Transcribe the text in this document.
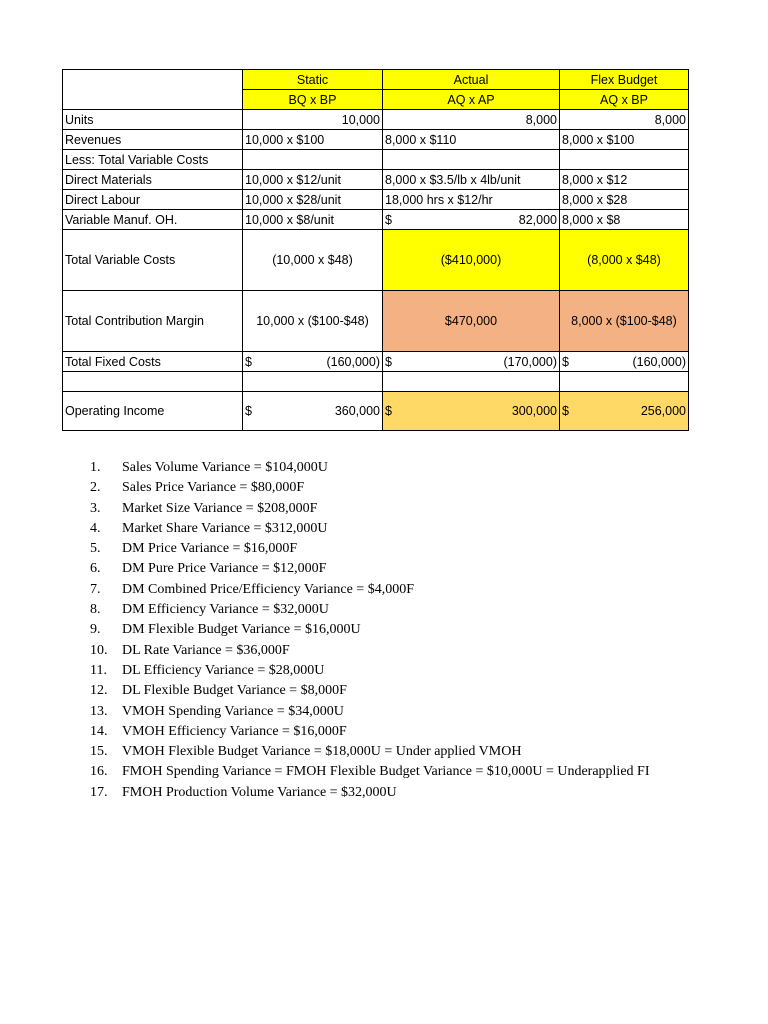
	Static	Actual	Flex Budget
	BQ x BP	AQ x AP	AQ x BP
Units	10,000	8,000	8,000
Revenues	10,000 x $100	8,000 x $110	8,000 x $100
Less: Total Variable Costs			
Direct Materials	10,000 x $12/unit	8,000 x $3.5/lb x 4lb/unit	8,000 x $12
Direct Labour	10,000 x $28/unit	18,000 hrs x $12/hr	8,000 x $28
Variable Manuf. OH.	10,000 x $8/unit	$ 82,000	8,000 x $8
Total Variable Costs	(10,000 x $48)	($410,000)	(8,000 x $48)
Total Contribution Margin	10,000 x ($100-$48)	$470,000	8,000 x ($100-$48)
Total Fixed Costs	$ (160,000)	$ (170,000)	$ (160,000)

Operating Income	$ 360,000	$ 300,000	$ 256,000
1.	Sales Volume Variance = $104,000U
2.	Sales Price Variance = $80,000F
3.	Market Size Variance = $208,000F
4.	Market Share Variance = $312,000U
5.	DM Price Variance = $16,000F
6.	DM Pure Price Variance = $12,000F
7.	DM Combined Price/Efficiency Variance = $4,000F
8.	DM Efficiency Variance = $32,000U
9.	DM Flexible Budget Variance = $16,000U
10.	DL Rate Variance = $36,000F
11.	DL Efficiency Variance = $28,000U
12.	DL Flexible Budget Variance = $8,000F
13.	VMOH Spending Variance = $34,000U
14.	VMOH Efficiency Variance = $16,000F
15.	VMOH Flexible Budget Variance = $18,000U = Under applied VMOH
16.	FMOH Spending Variance = FMOH Flexible Budget Variance = $10,000U = Underapplied FI
17.	FMOH Production Volume Variance = $32,000U
